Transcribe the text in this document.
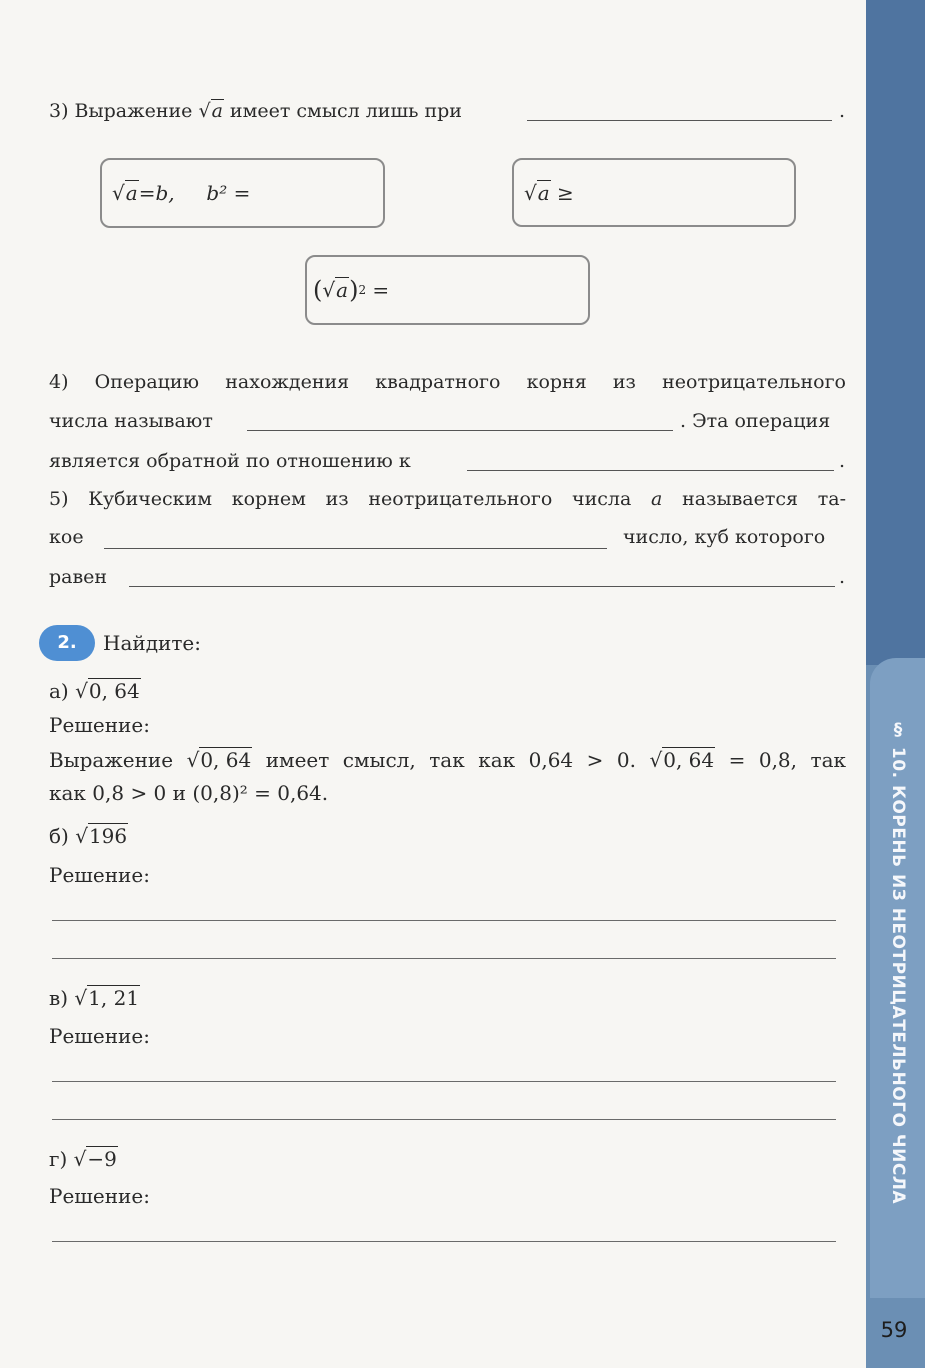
§ 10. КОРЕНЬ ИЗ НЕОТРИЦАТЕЛЬНОГО ЧИСЛА
59
3) Выражение √a имеет смысл лишь при	.
√a =b,     b² =	√a ≥
( √a ) 2 =
4) Операцию нахождения квадратного корня из неотрицательного
числа называют	. Эта операция
является обратной по отношению к	.
5) Кубическим корнем из неотрицательного числа a называется та-
кое	число, куб которого
равен	.
2.	Найдите:
а) √0, 64
Решение:
Выражение √0, 64 имеет смысл, так как 0,64 > 0. √0, 64 = 0,8, так
как 0,8 > 0 и (0,8)² = 0,64.
б) √196
Решение:
в) √1, 21
Решение:
г) √−9
Решение:
